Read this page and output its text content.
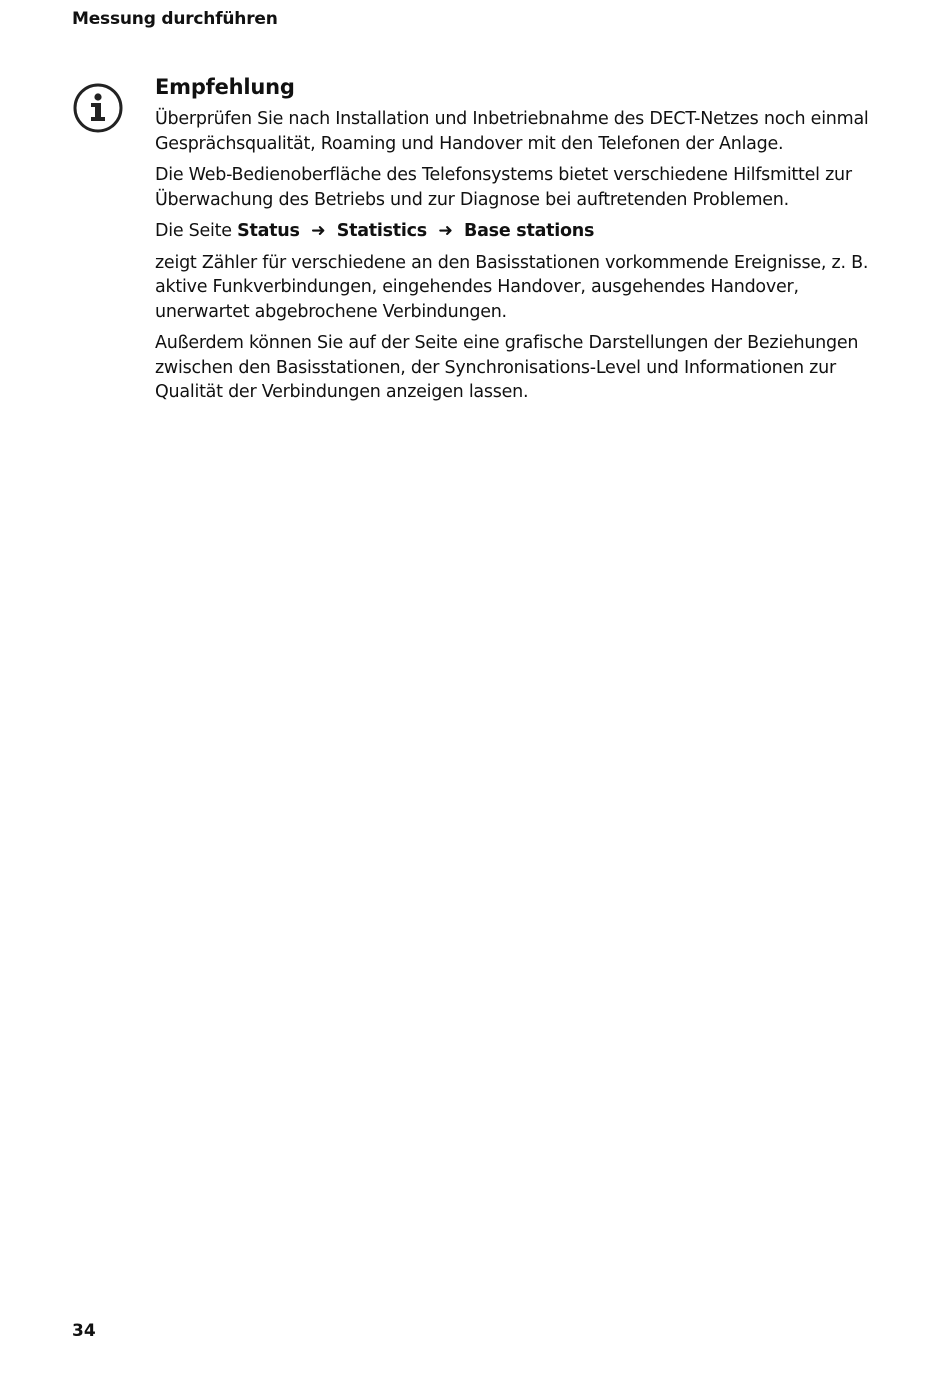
Messung durchführen
Empfehlung

Überprüfen Sie nach Installation und Inbetriebnahme des DECT-Netzes noch einmal Gesprächsqualität, Roaming und Handover mit den Telefonen der Anlage.

Die Web-Bedienoberfläche des Telefonsystems bietet verschiedene Hilfsmittel zur Überwachung des Betriebs und zur Diagnose bei auftretenden Problemen.

Die Seite Status ➜ Statistics ➜ Base stations

zeigt Zähler für verschiedene an den Basisstationen vorkommende Ereignisse, z. B. aktive Funkverbindungen, eingehendes Handover, ausgehendes Handover, unerwartet abgebrochene Verbindungen.

Außerdem können Sie auf der Seite eine grafische Darstellungen der Beziehungen zwischen den Basisstationen, der Synchronisations-Level und Informationen zur Qualität der Verbindungen anzeigen lassen.

34
